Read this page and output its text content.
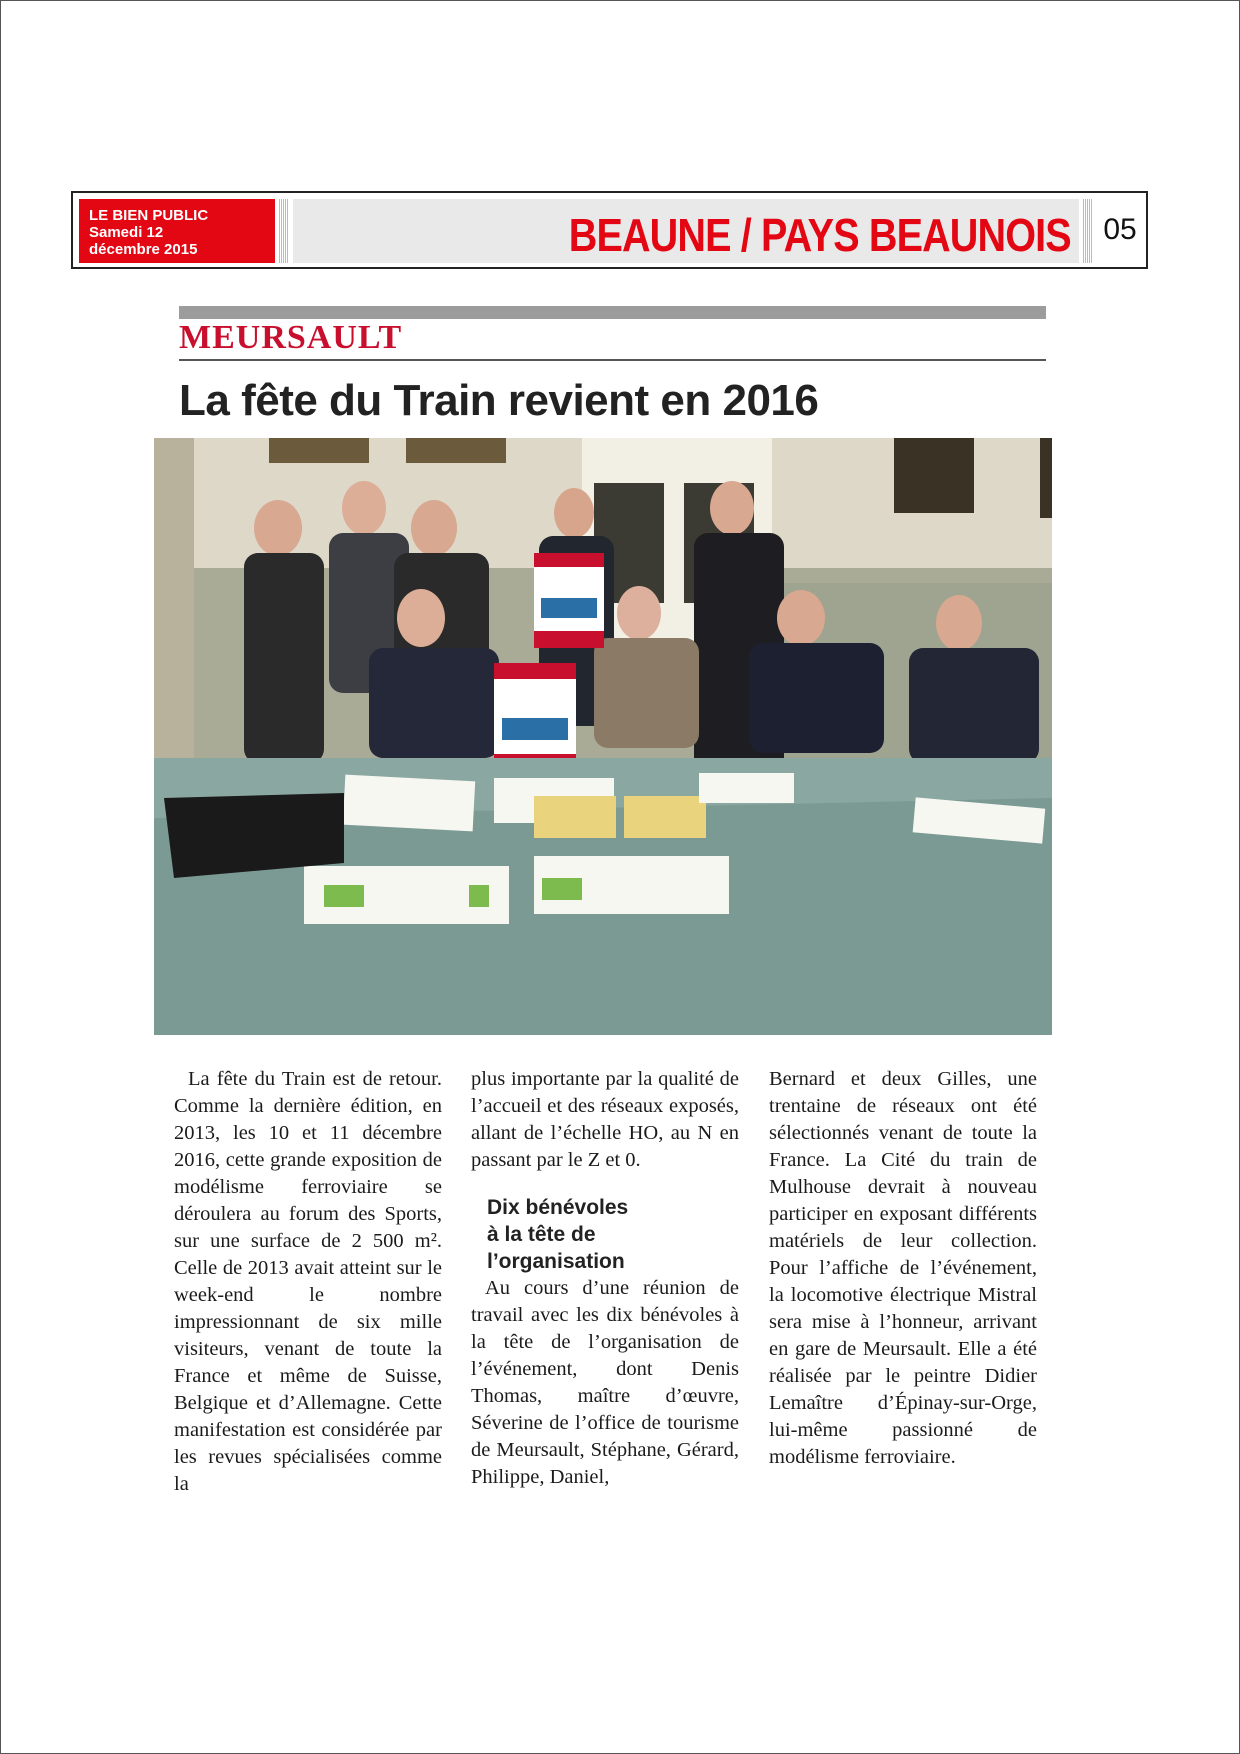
LE BIEN PUBLIC
Samedi 12
décembre 2015	BEAUNE / PAYS BEAUNOIS 05
MEURSAULT
La fête du Train revient en 2016

La fête du Train est de retour. Comme la dernière édition, en 2013, les 10 et 11 décembre 2016, cette grande exposition de modélisme ferroviaire se déroulera au forum des Sports, sur une surface de 2 500 m². Celle de 2013 avait atteint sur le week-end le nombre impressionnant de six mille visiteurs, venant de toute la France et même de Suisse, Belgique et d’Allemagne. Cette manifestation est considérée par les revues spécialisées comme la

plus importante par la qualité de l’accueil et des réseaux exposés, allant de l’échelle HO, au N en passant par le Z et 0.

Dix bénévoles
à la tête de l’organisation

Au cours d’une réunion de travail avec les dix bénévoles à la tête de l’organisation de l’événement, dont Denis Thomas, maître d’œuvre, Séverine de l’office de tourisme de Meursault, Stéphane, Gérard, Philippe, Daniel,

Bernard et deux Gilles, une trentaine de réseaux ont été sélectionnés venant de toute la France. La Cité du train de Mulhouse devrait à nouveau participer en exposant différents matériels de leur collection. Pour l’affiche de l’événement, la locomotive électrique Mistral sera mise à l’honneur, arrivant en gare de Meursault. Elle a été réalisée par le peintre Didier Lemaître d’Épinay-sur-Orge, lui-même passionné de modélisme ferroviaire.
